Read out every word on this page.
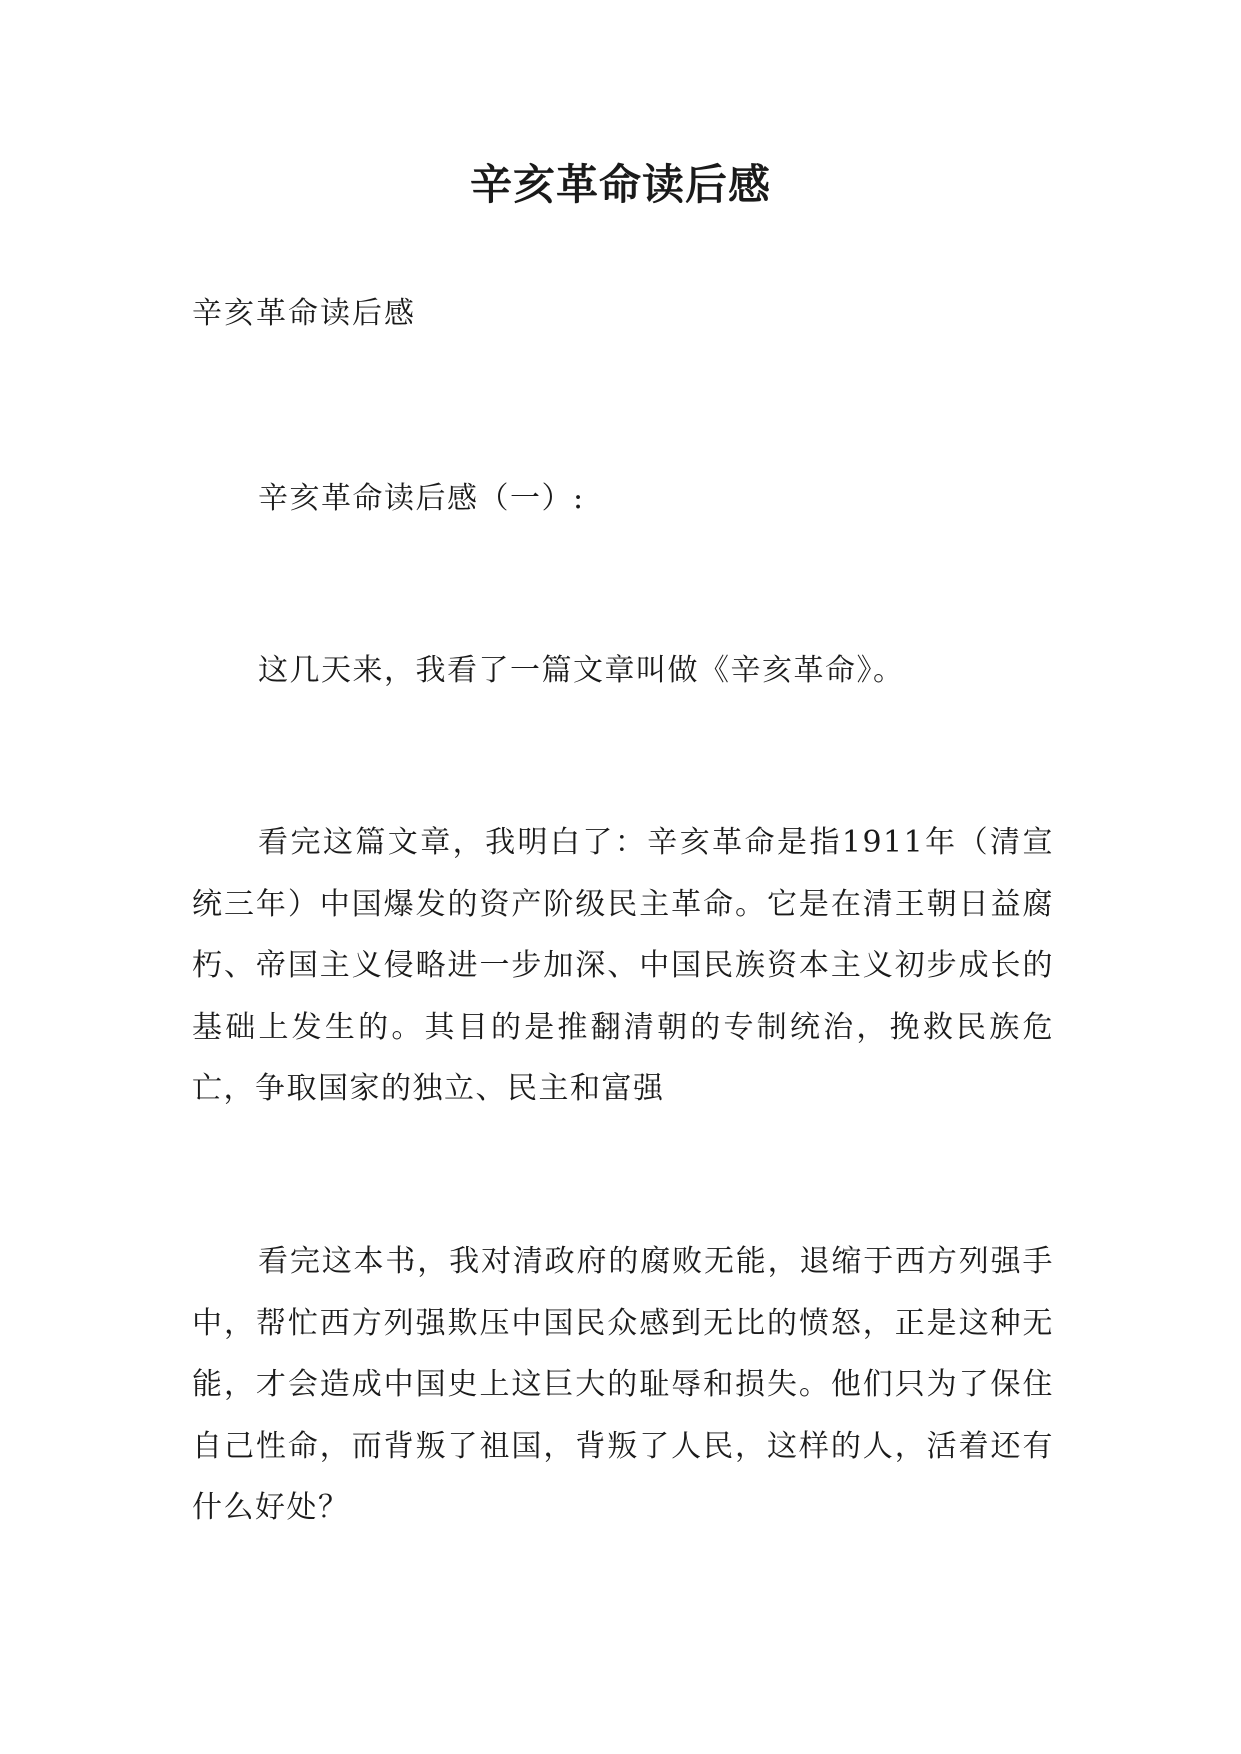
辛亥革命读后感

辛亥革命读后感

辛亥革命读后感（一）:

这几天来，我看了一篇文章叫做《辛亥革命》。

看完这篇文章，我明白了：辛亥革命是指1911年（清宣统三年）中国爆发的资产阶级民主革命。它是在清王朝日益腐朽、帝国主义侵略进一步加深、中国民族资本主义初步成长的基础上发生的。其目的是推翻清朝的专制统治，挽救民族危亡，争取国家的独立、民主和富强

看完这本书，我对清政府的腐败无能，退缩于西方列强手中，帮忙西方列强欺压中国民众感到无比的愤怒，正是这种无能，才会造成中国史上这巨大的耻辱和损失。他们只为了保住自己性命，而背叛了祖国，背叛了人民，这样的人，活着还有什么好处？
